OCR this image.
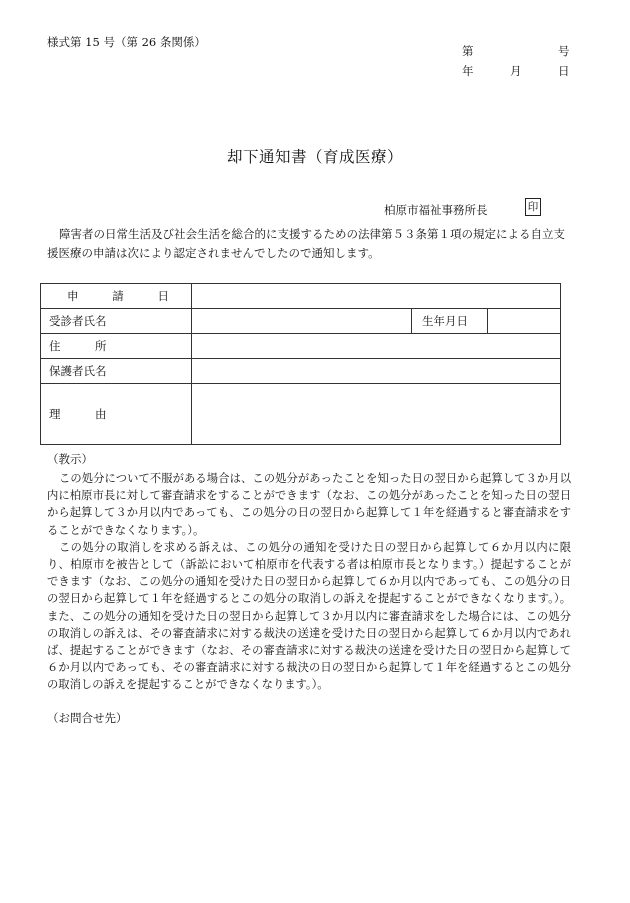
様式第 15 号（第 26 条関係）
第	号
年	月	日
却下通知書（育成医療）
柏原市福祉事務所長	印

障害者の日常生活及び社会生活を総合的に支援するための法律第５３条第１項の規定による自立支援医療の申請は次により認定されませんでしたので通知します。

申　請　日			
受診者氏名		生年月日	
住　　　所			
保護者氏名			
理　　　由			
（教示）

この処分について不服がある場合は、この処分があったことを知った日の翌日から起算して３か月以内に柏原市長に対して審査請求をすることができます（なお、この処分があったことを知った日の翌日から起算して３か月以内であっても、この処分の日の翌日から起算して１年を経過すると審査請求をすることができなくなります。）。

この処分の取消しを求める訴えは、この処分の通知を受けた日の翌日から起算して６か月以内に限り、柏原市を被告として（訴訟において柏原市を代表する者は柏原市長となります。）提起することができます（なお、この処分の通知を受けた日の翌日から起算して６か月以内であっても、この処分の日の翌日から起算して１年を経過するとこの処分の取消しの訴えを提起することができなくなります。）。また、この処分の通知を受けた日の翌日から起算して３か月以内に審査請求をした場合には、この処分の取消しの訴えは、その審査請求に対する裁決の送達を受けた日の翌日から起算して６か月以内であれば、提起することができます（なお、その審査請求に対する裁決の送達を受けた日の翌日から起算して６か月以内であっても、その審査請求に対する裁決の日の翌日から起算して１年を経過するとこの処分の取消しの訴えを提起することができなくなります。）。

（お問合せ先）
